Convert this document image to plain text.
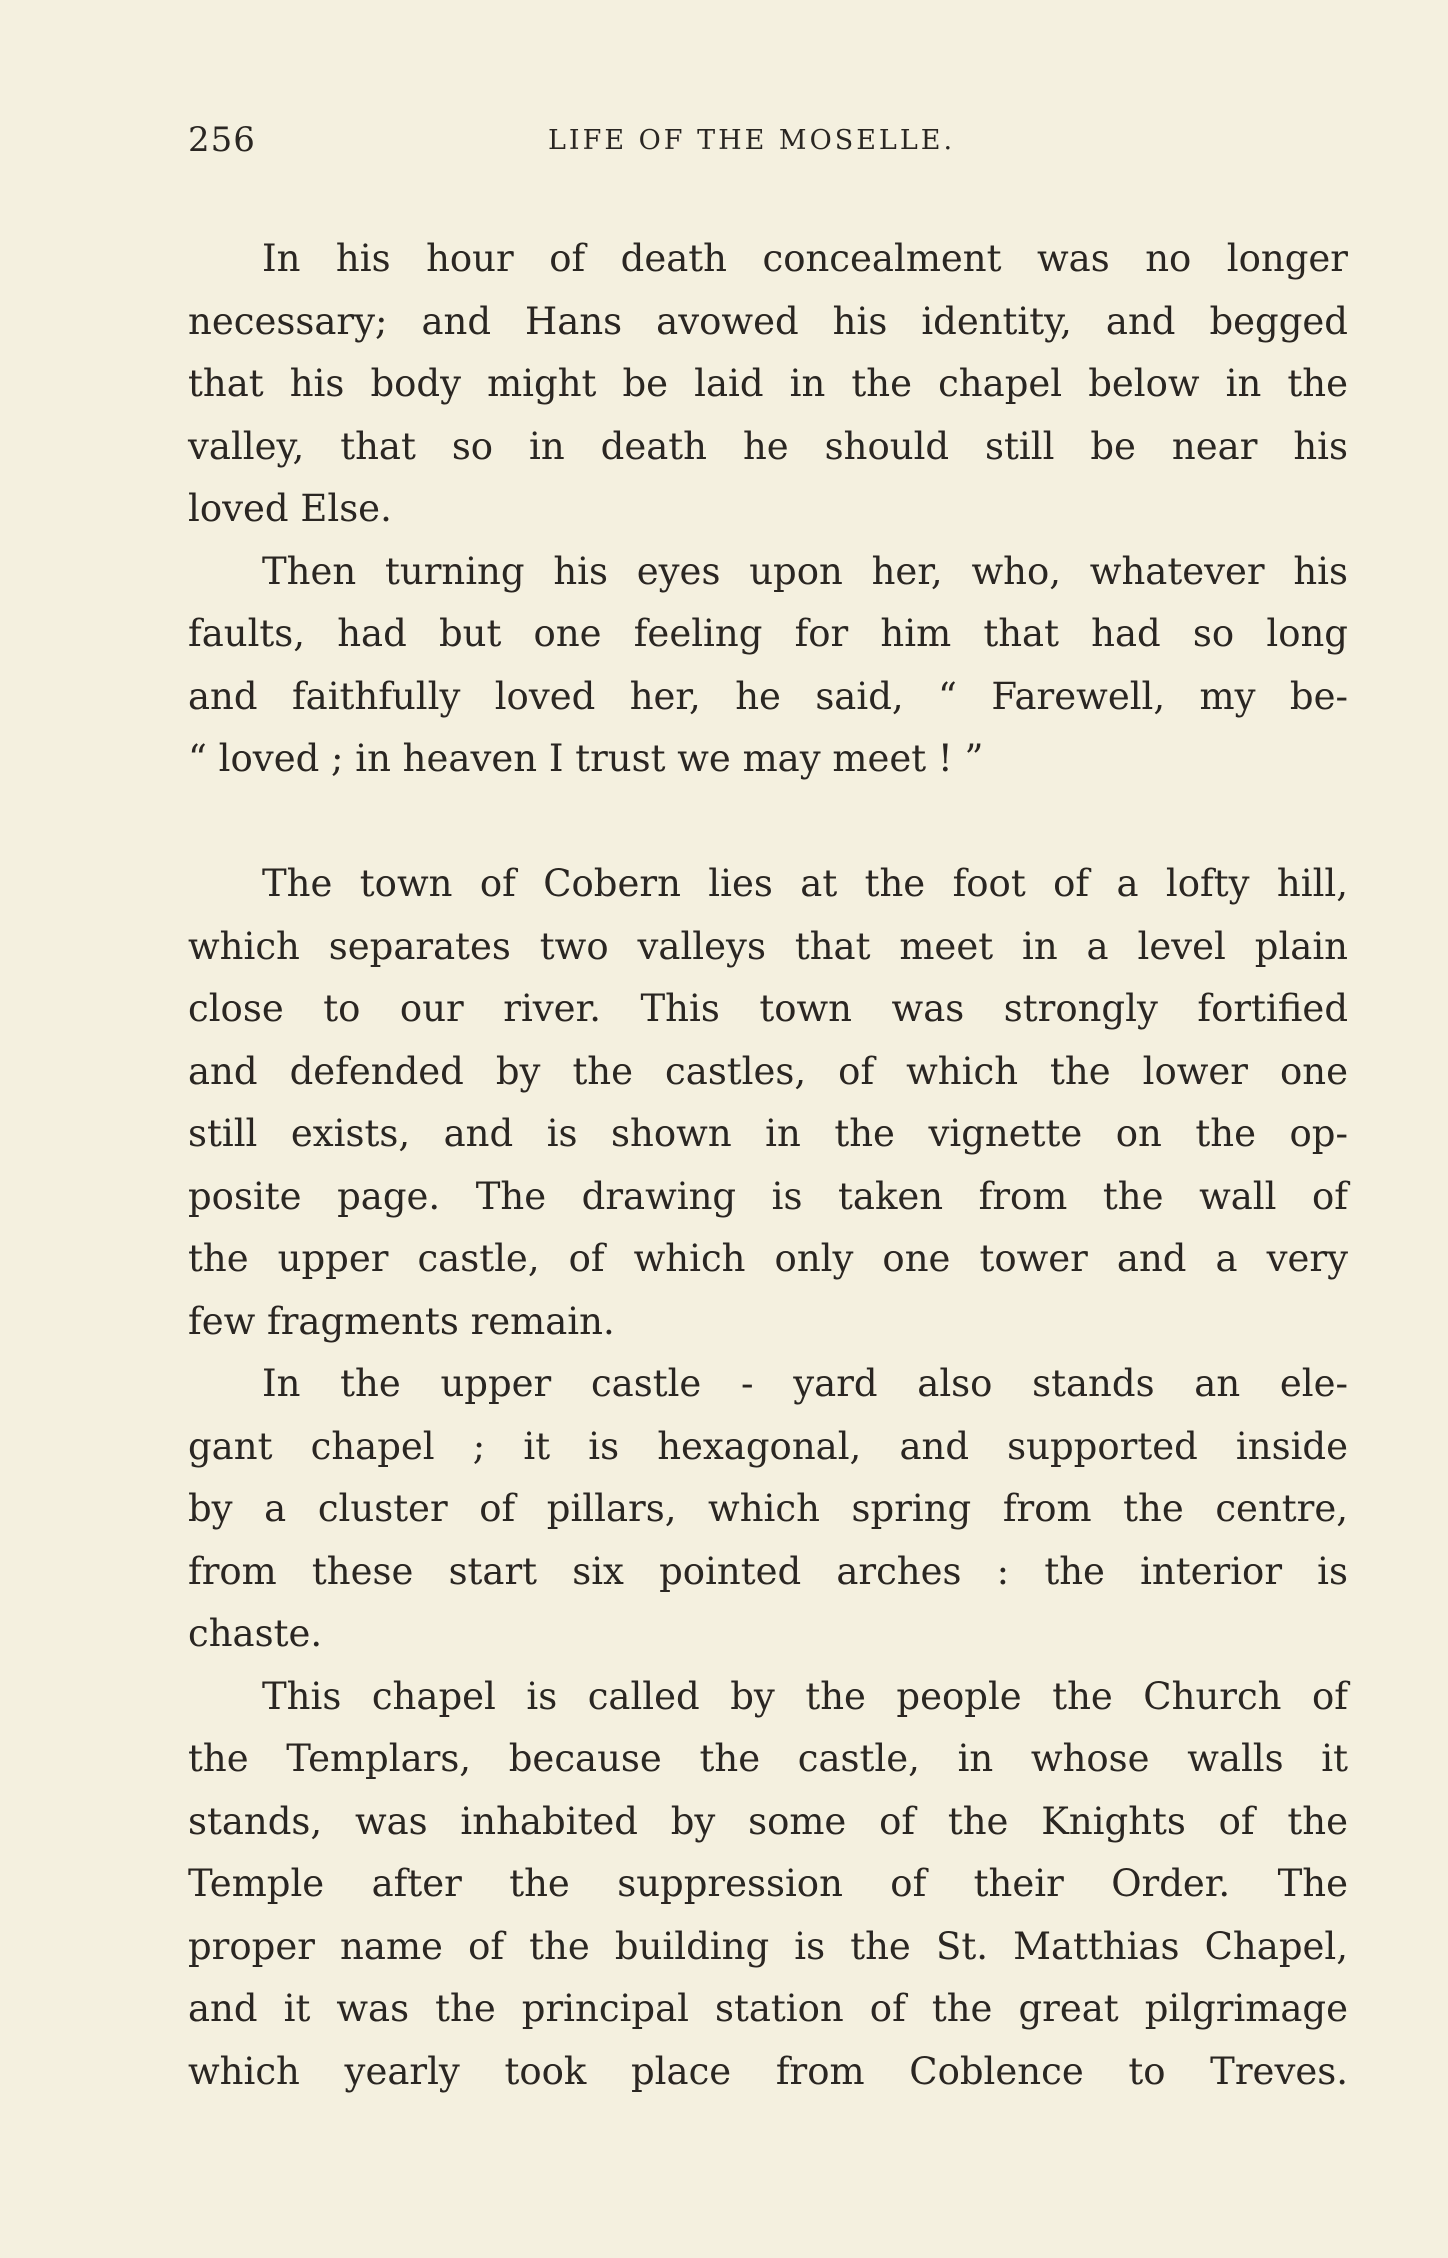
256	LIFE OF THE MOSELLE.
In his hour of death concealment was no longer
necessary; and Hans avowed his identity, and begged
that his body might be laid in the chapel below in the
valley, that so in death he should still be near his
loved Else.
Then turning his eyes upon her, who, whatever his
faults, had but one feeling for him that had so long
and faithfully loved her, he said, “ Farewell, my be-
“ loved ; in heaven I trust we may meet ! ”
The town of Cobern lies at the foot of a lofty hill,
which separates two valleys that meet in a level plain
close to our river. This town was strongly fortified
and defended by the castles, of which the lower one
still exists, and is shown in the vignette on the op-
posite page. The drawing is taken from the wall of
the upper castle, of which only one tower and a very
few fragments remain.
In the upper castle - yard also stands an ele-
gant chapel ; it is hexagonal, and supported inside
by a cluster of pillars, which spring from the centre,
from these start six pointed arches : the interior is
chaste.
This chapel is called by the people the Church of
the Templars, because the castle, in whose walls it
stands, was inhabited by some of the Knights of the
Temple after the suppression of their Order. The
proper name of the building is the St. Matthias Chapel,
and it was the principal station of the great pilgrimage
which yearly took place from Coblence to Treves.
